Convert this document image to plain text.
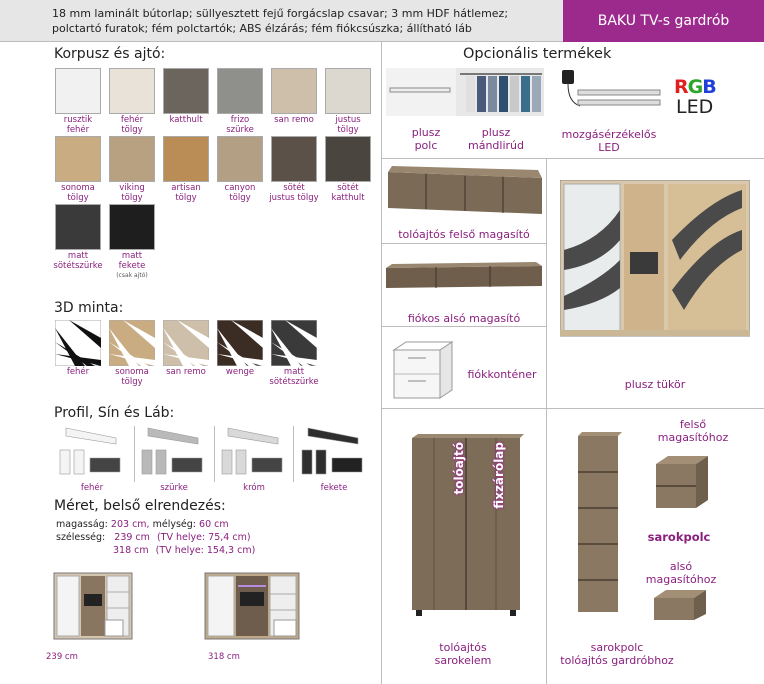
18 mm laminált bútorlap; süllyesztett fejű forgácslap csavar; 3 mm HDF hátlemez;
polctartó furatok; fém polctartók; ABS élzárás; fém fiókcsúszka; állítható láb	BAKU TV-s gardrób
Korpusz és ajtó:
rusztik
fehér
fehér
tölgy
katthult	frizo
szürke
san remo	justus
tölgy
sonoma
tölgy
viking
tölgy
artisan
tölgy
canyon
tölgy
sötét
justus tölgy
sötét
katthult
matt
sötétszürke
matt
fekete
(csak ajtó)
3D minta:
fehér	sonoma
tölgy
san remo	wenge	matt
sötétszürke
Profil, Sín és Láb:
fehér	szürke	króm	fekete
Méret, belső elrendezés:
magasság: 203 cm, mélység: 60 cm
szélesség: 239 cm (TV helye: 75,4 cm)
318 cm (TV helye: 154,3 cm)
239 cm	318 cm
Opcionális termékek
plusz
polc
plusz
mándlirúd
mozgásérzékelős
LED
RGB
LED
tolóajtós felső magasító
fiókos alsó magasító
fiókkonténer
plusz tükör
tolóajtó fixzárólap
tolóajtós
sarokelem
felső
magasítóhoz
sarokpolc
alsó
magasítóhoz
sarokpolc
tolóajtós gardróbhoz
